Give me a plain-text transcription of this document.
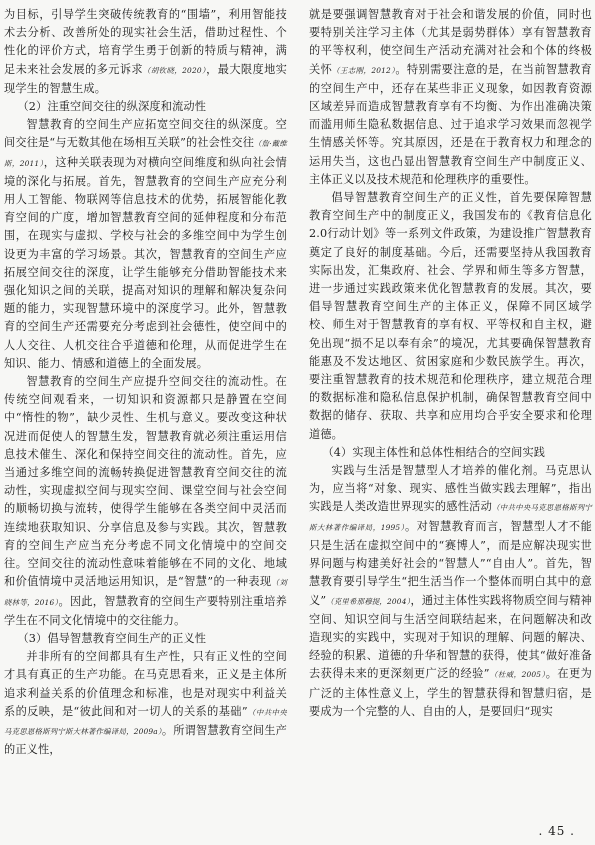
为目标，引导学生突破传统教育的“围墙”，利用智能技术去分析、改善所处的现实社会生活，借助过程性、个性化的评价方式，培育学生勇于创新的特质与精神，满足未来社会发展的多元诉求（胡钦晓，2020），最大限度地实现学生的智慧生成。

（2）注重空间交往的纵深度和流动性

智慧教育的空间生产应拓宽空间交往的纵深度。空间交往是“与无数其他在场相互关联”的社会性交往（詹·戴维斯，2011），这种关联表现为对横向空间维度和纵向社会情境的深化与拓展。首先，智慧教育的空间生产应充分利用人工智能、物联网等信息技术的优势，拓展智能化教育空间的广度，增加智慧教育空间的延伸程度和分布范围，在现实与虚拟、学校与社会的多维空间中为学生创设更为丰富的学习场景。其次，智慧教育的空间生产应拓展空间交往的深度，让学生能够充分借助智能技术来强化知识之间的关联，提高对知识的理解和解决复杂问题的能力，实现智慧环境中的深度学习。此外，智慧教育的空间生产还需要充分考虑到社会德性，使空间中的人人交往、人机交往合乎道德和伦理，从而促进学生在知识、能力、情感和道德上的全面发展。

智慧教育的空间生产应提升空间交往的流动性。在传统空间观看来，一切知识和资源都只是静置在空间中“惰性的物”，缺少灵性、生机与意义。要改变这种状况进而促使人的智慧生发，智慧教育就必须注重运用信息技术催生、深化和保持空间交往的流动性。首先，应当通过多维空间的流畅转换促进智慧教育空间交往的流动性，实现虚拟空间与现实空间、课堂空间与社会空间的顺畅切换与流转，使得学生能够在各类空间中灵活而连续地获取知识、分享信息及参与实践。其次，智慧教育的空间生产应当充分考虑不同文化情境中的空间交往。空间交往的流动性意味着能够在不同的文化、地域和价值情境中灵活地运用知识，是“智慧”的一种表现（刘晓林等，2016）。因此，智慧教育的空间生产要特别注重培养学生在不同文化情境中的交往能力。

（3）倡导智慧教育空间生产的正义性

并非所有的空间都具有生产性，只有正义性的空间才具有真正的生产功能。在马克思看来，正义是主体所追求利益关系的价值理念和标准，也是对现实中利益关系的反映，是“彼此间和对一切人的关系的基础”（中共中央马克思恩格斯列宁斯大林著作编译局，2009a）。所谓智慧教育空间生产的正义性，

就是要强调智慧教育对于社会和谐发展的价值，同时也要特别关注学习主体（尤其是弱势群体）享有智慧教育的平等权利，使空间生产活动充满对社会和个体的终极关怀（王志刚，2012）。特别需要注意的是，在当前智慧教育的空间生产中，还存在某些非正义现象，如因教育资源区域差异而造成智慧教育享有不均衡、为作出准确决策而滥用师生隐私数据信息、过于追求学习效果而忽视学生情感关怀等。究其原因，还是在于教育权力和理念的运用失当，这也凸显出智慧教育空间生产中制度正义、主体正义以及技术规范和伦理秩序的重要性。

倡导智慧教育空间生产的正义性，首先要保障智慧教育空间生产中的制度正义，我国发布的《教育信息化2.0行动计划》等一系列文件政策，为建设推广智慧教育奠定了良好的制度基础。今后，还需要坚持从我国教育实际出发，汇集政府、社会、学界和师生等多方智慧，进一步通过实践政策来优化智慧教育的发展。其次，要倡导智慧教育空间生产的主体正义，保障不同区域学校、师生对于智慧教育的享有权、平等权和自主权，避免出现“损不足以奉有余”的境况，尤其要确保智慧教育能惠及不发达地区、贫困家庭和少数民族学生。再次，要注重智慧教育的技术规范和伦理秩序，建立规范合理的数据标准和隐私信息保护机制，确保智慧教育空间中数据的储存、获取、共享和应用均合乎安全要求和伦理道德。

（4）实现主体性和总体性相结合的空间实践

实践与生活是智慧型人才培养的催化剂。马克思认为，应当将“对象、现实、感性当做实践去理解”，指出实践是人类改造世界现实的感性活动（中共中央马克思恩格斯列宁斯大林著作编译局，1995）。对智慧教育而言，智慧型人才不能只是生活在虚拟空间中的“赛博人”，而是应解决现实世界问题与构建美好社会的“智慧人”“自由人”。首先，智慧教育要引导学生“把生活当作一个整体而明白其中的意义”（克里希那穆提，2004），通过主体性实践将物质空间与精神空间、知识空间与生活空间联结起来，在问题解决和改造现实的实践中，实现对于知识的理解、问题的解决、经验的积累、道德的升华和智慧的获得，使其“做好准备去获得未来的更深刻更广泛的经验”（杜威，2005）。在更为广泛的主体性意义上，学生的智慧获得和智慧归宿，是要成为一个完整的人、自由的人，是要回归“现实

. 45 .
